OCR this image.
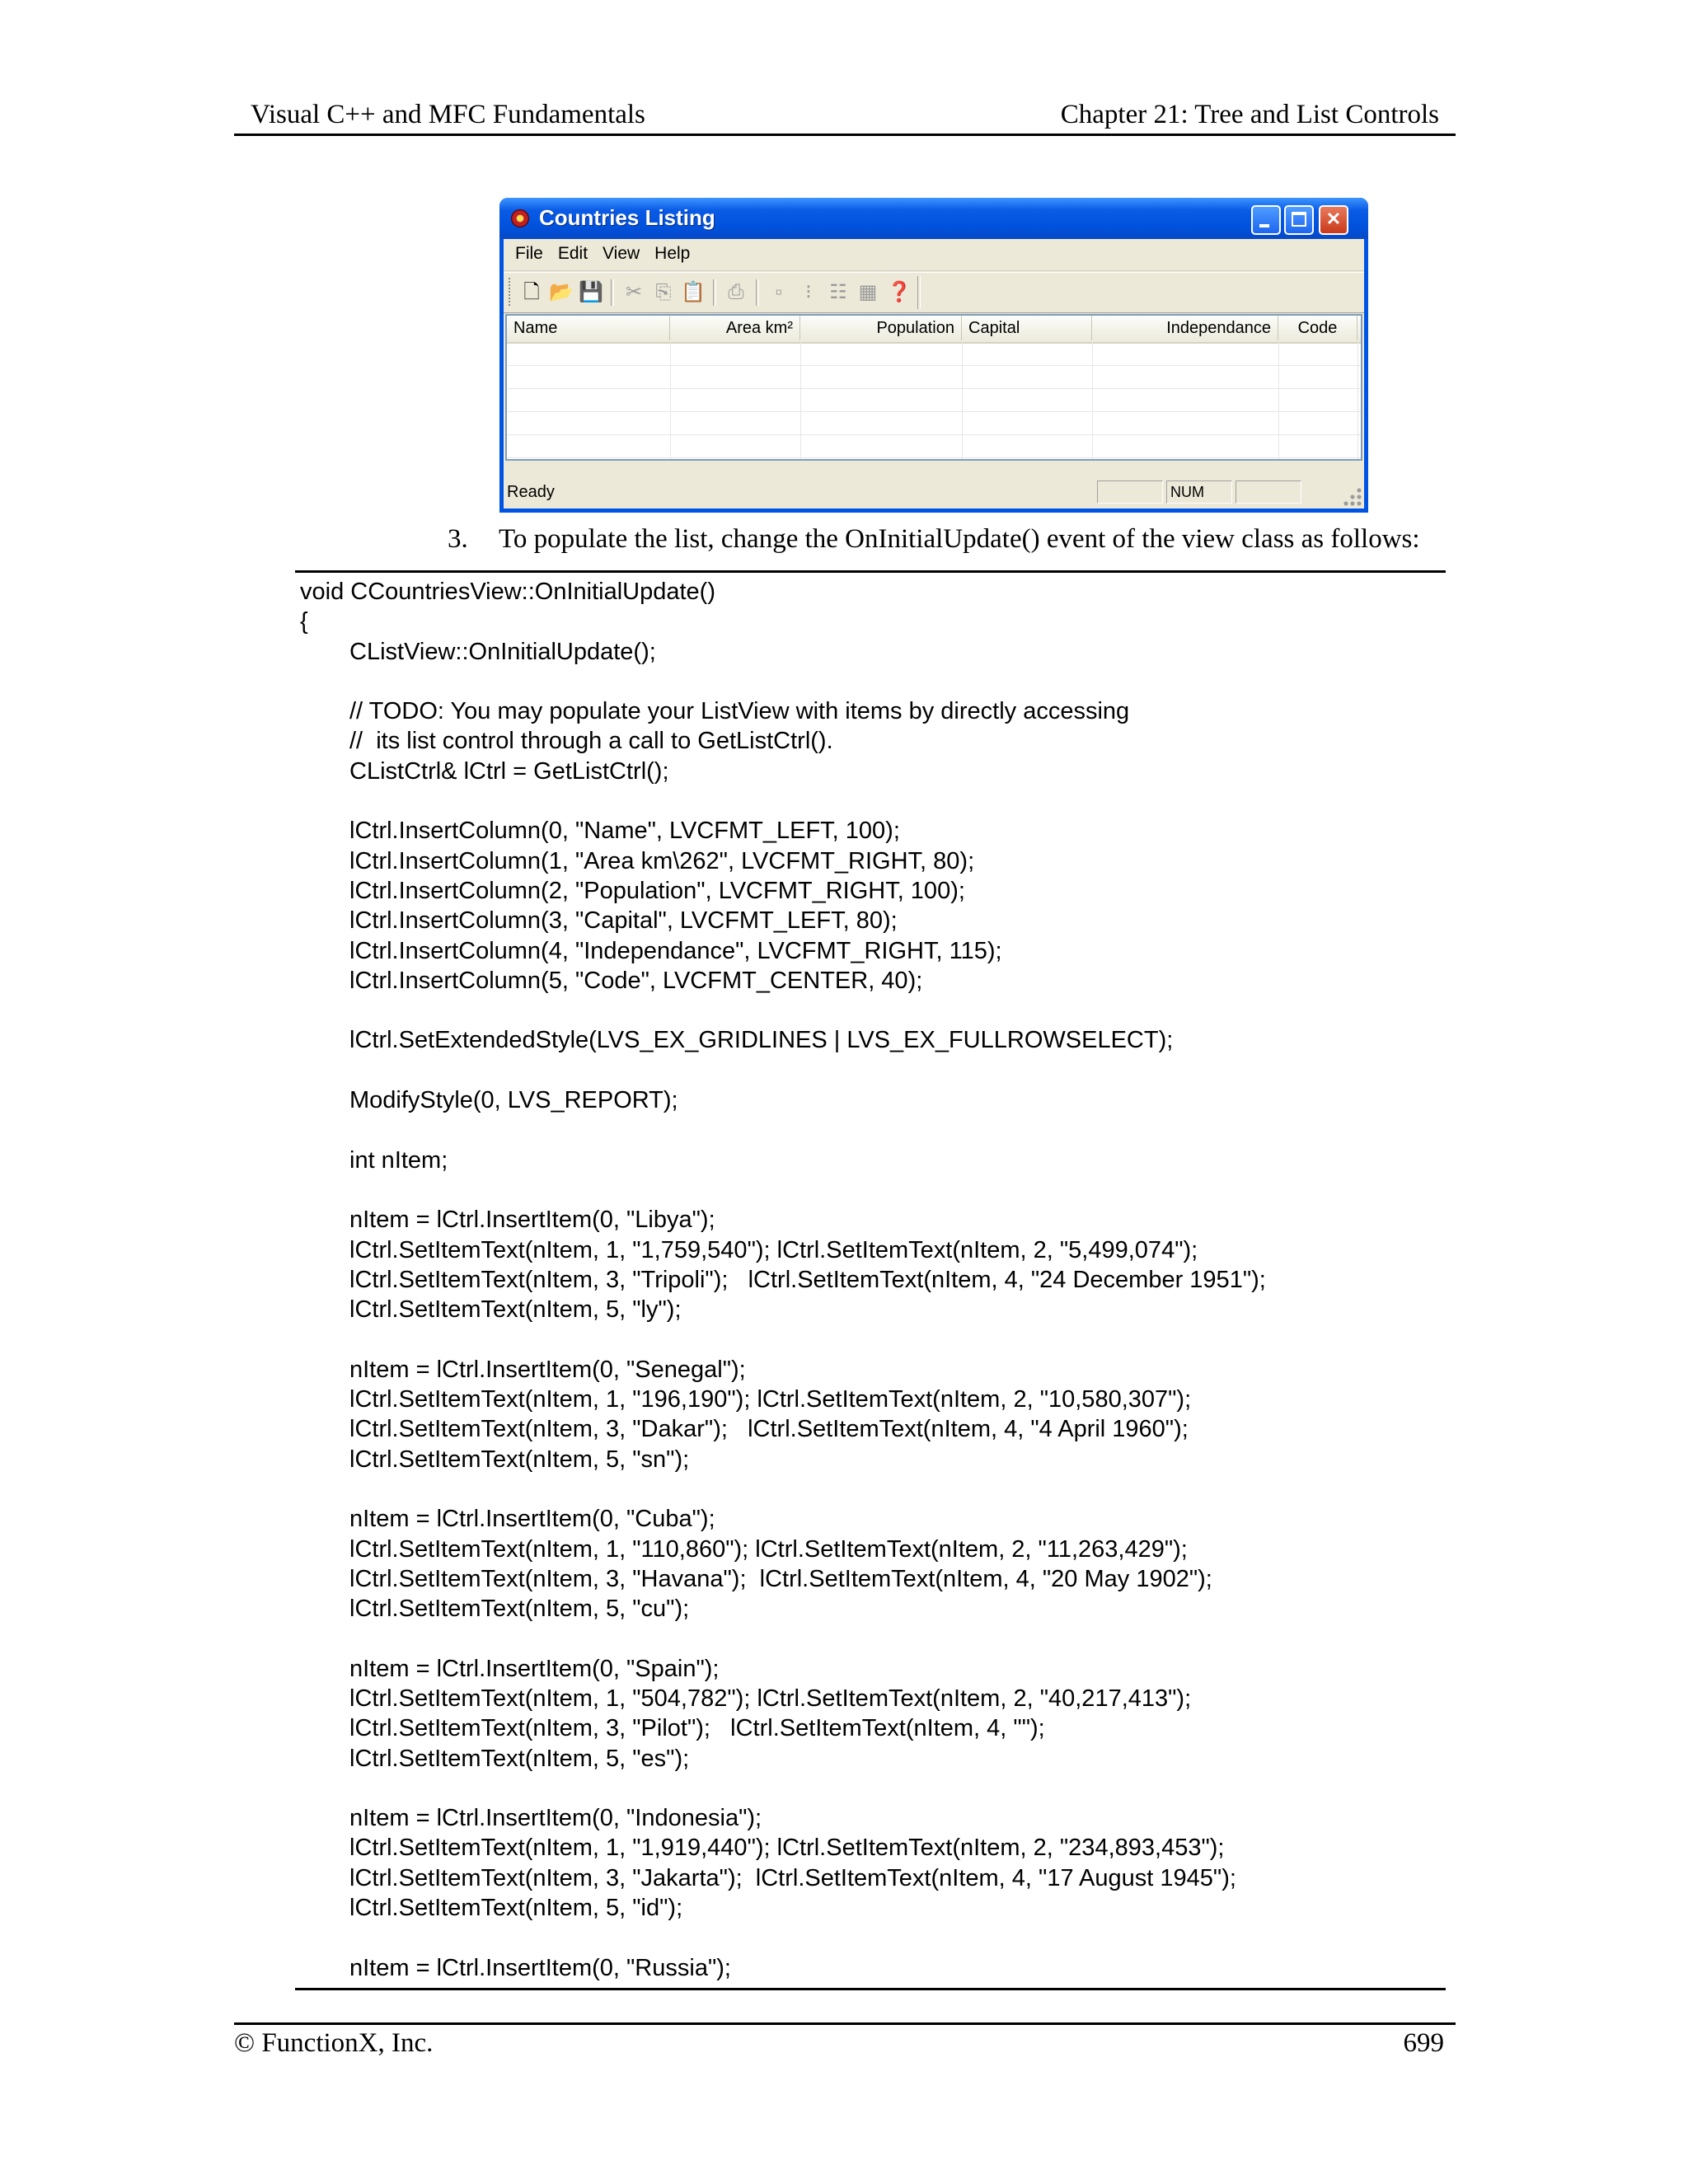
Visual C++ and MFC Fundamentals	Chapter 21: Tree and List Controls
Countries Listing	✕
File Edit View Help
🗋 📂 💾 ✂ ⎘ 📋 ⎙	▫	⁝ ☷ ▦ ❓
Name	Area km²	Population Capital	Independance	Code
Ready	NUM
3. To populate the list, change the OnInitialUpdate() event of the view class as follows:
void CCountriesView::OnInitialUpdate()
{
CListView::OnInitialUpdate();
// TODO: You may populate your ListView with items by directly accessing
//  its list control through a call to GetListCtrl().
CListCtrl& lCtrl = GetListCtrl();
lCtrl.InsertColumn(0, "Name", LVCFMT_LEFT, 100);
lCtrl.InsertColumn(1, "Area km\262", LVCFMT_RIGHT, 80);
lCtrl.InsertColumn(2, "Population", LVCFMT_RIGHT, 100);
lCtrl.InsertColumn(3, "Capital", LVCFMT_LEFT, 80);
lCtrl.InsertColumn(4, "Independance", LVCFMT_RIGHT, 115);
lCtrl.InsertColumn(5, "Code", LVCFMT_CENTER, 40);
lCtrl.SetExtendedStyle(LVS_EX_GRIDLINES | LVS_EX_FULLROWSELECT);
ModifyStyle(0, LVS_REPORT);
int nItem;
nItem = lCtrl.InsertItem(0, "Libya");
lCtrl.SetItemText(nItem, 1, "1,759,540"); lCtrl.SetItemText(nItem, 2, "5,499,074");
lCtrl.SetItemText(nItem, 3, "Tripoli");   lCtrl.SetItemText(nItem, 4, "24 December 1951");
lCtrl.SetItemText(nItem, 5, "ly");
nItem = lCtrl.InsertItem(0, "Senegal");
lCtrl.SetItemText(nItem, 1, "196,190"); lCtrl.SetItemText(nItem, 2, "10,580,307");
lCtrl.SetItemText(nItem, 3, "Dakar");   lCtrl.SetItemText(nItem, 4, "4 April 1960");
lCtrl.SetItemText(nItem, 5, "sn");
nItem = lCtrl.InsertItem(0, "Cuba");
lCtrl.SetItemText(nItem, 1, "110,860"); lCtrl.SetItemText(nItem, 2, "11,263,429");
lCtrl.SetItemText(nItem, 3, "Havana");  lCtrl.SetItemText(nItem, 4, "20 May 1902");
lCtrl.SetItemText(nItem, 5, "cu");
nItem = lCtrl.InsertItem(0, "Spain");
lCtrl.SetItemText(nItem, 1, "504,782"); lCtrl.SetItemText(nItem, 2, "40,217,413");
lCtrl.SetItemText(nItem, 3, "Pilot");   lCtrl.SetItemText(nItem, 4, "");
lCtrl.SetItemText(nItem, 5, "es");
nItem = lCtrl.InsertItem(0, "Indonesia");
lCtrl.SetItemText(nItem, 1, "1,919,440"); lCtrl.SetItemText(nItem, 2, "234,893,453");
lCtrl.SetItemText(nItem, 3, "Jakarta");  lCtrl.SetItemText(nItem, 4, "17 August 1945");
lCtrl.SetItemText(nItem, 5, "id");
nItem = lCtrl.InsertItem(0, "Russia");
© FunctionX, Inc.	699
